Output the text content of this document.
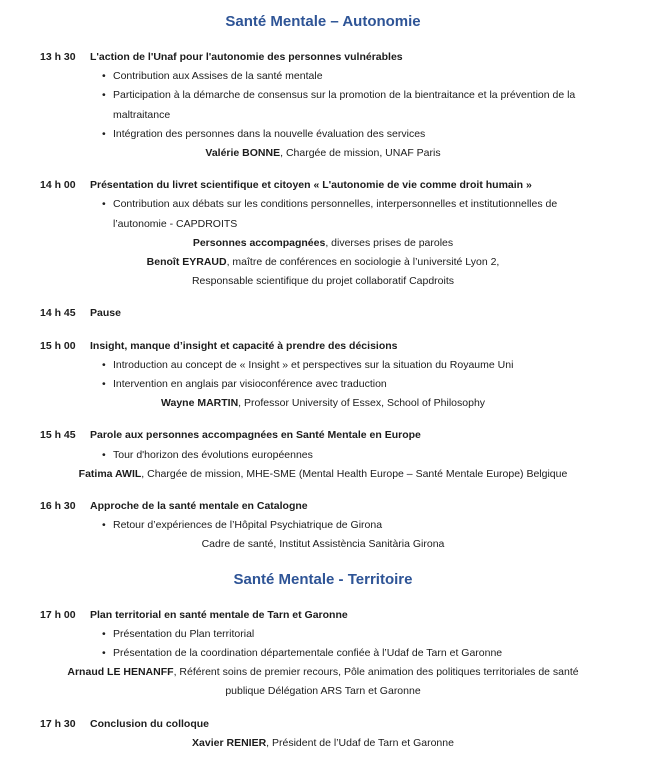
Santé Mentale – Autonomie
13 h 30	L'action de l'Unaf pour l'autonomie des personnes vulnérables
• Contribution aux Assises de la santé mentale
• Participation à la démarche de consensus sur la promotion de la bientraitance et la prévention de la maltraitance
• Intégration des personnes dans la nouvelle évaluation des services
Valérie BONNE, Chargée de mission, UNAF Paris
14 h 00	Présentation du livret scientifique et citoyen « L'autonomie de vie comme droit humain »
• Contribution aux débats sur les conditions personnelles, interpersonnelles et institutionnelles de l’autonomie - CAPDROITS
Personnes accompagnées, diverses prises de paroles
Benoît EYRAUD, maître de conférences en sociologie à l’université Lyon 2,
Responsable scientifique du projet collaboratif Capdroits
14 h 45	Pause
15 h 00	Insight, manque d’insight et capacité à prendre des décisions
• Introduction au concept de « Insight » et perspectives sur la situation du Royaume Uni
• Intervention en anglais par visioconférence avec traduction
Wayne MARTIN, Professor University of Essex, School of Philosophy
15 h 45	Parole aux personnes accompagnées en Santé Mentale en Europe
• Tour d'horizon des évolutions européennes
Fatima AWIL, Chargée de mission, MHE-SME (Mental Health Europe – Santé Mentale Europe) Belgique
16 h 30	Approche de la santé mentale en Catalogne
• Retour d’expériences de l’Hôpital Psychiatrique de Girona
Cadre de santé, Institut Assistència Sanitària Girona
Santé Mentale - Territoire
17 h 00	Plan territorial en santé mentale de Tarn et Garonne
• Présentation du Plan territorial
• Présentation de la coordination départementale confiée à l’Udaf de Tarn et Garonne
Arnaud LE HENANFF, Référent soins de premier recours, Pôle animation des politiques territoriales de santé publique Délégation ARS Tarn et Garonne
17 h 30	Conclusion du colloque
Xavier RENIER, Président de l’Udaf de Tarn et Garonne
